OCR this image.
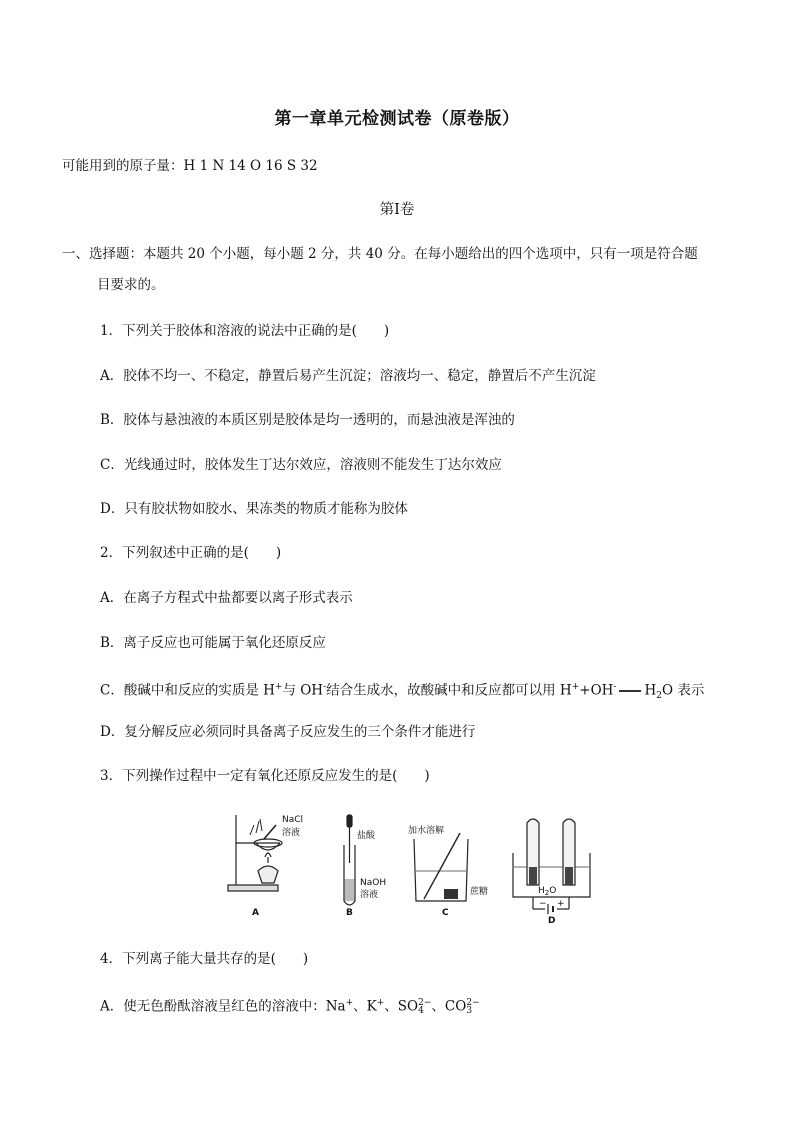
第一章单元检测试卷（原卷版）
可能用到的原子量：H 1 N 14 O 16 S 32
第Ⅰ卷
一、选择题：本题共 20 个小题，每小题 2 分，共 40 分。在每小题给出的四个选项中，只有一项是符合题
目要求的。
1．下列关于胶体和溶液的说法中正确的是(　　)
A．胶体不均一、不稳定，静置后易产生沉淀；溶液均一、稳定，静置后不产生沉淀
B．胶体与悬浊液的本质区别是胶体是均一透明的，而悬浊液是浑浊的
C．光线通过时，胶体发生丁达尔效应，溶液则不能发生丁达尔效应
D．只有胶状物如胶水、果冻类的物质才能称为胶体
2．下列叙述中正确的是(　　)
A．在离子方程式中盐都要以离子形式表示
B．离子反应也可能属于氧化还原反应
C．酸碱中和反应的实质是 H+与 OH-结合生成水，故酸碱中和反应都可以用 H++OH- $H_2O$ 表示
D．复分解反应必须同时具备离子反应发生的三个条件才能进行
3．下列操作过程中一定有氧化还原反应发生的是(　　)
NaCl
溶液
A
盐酸
NaOH
溶液
B
加水溶解
蔗糖
C
$H_2O$
− +
D
4．下列离子能大量共存的是(　　)
A．使无色酚酞溶液呈红色的溶液中：Na+、K+、SO 2−
4 、CO 2−
3
